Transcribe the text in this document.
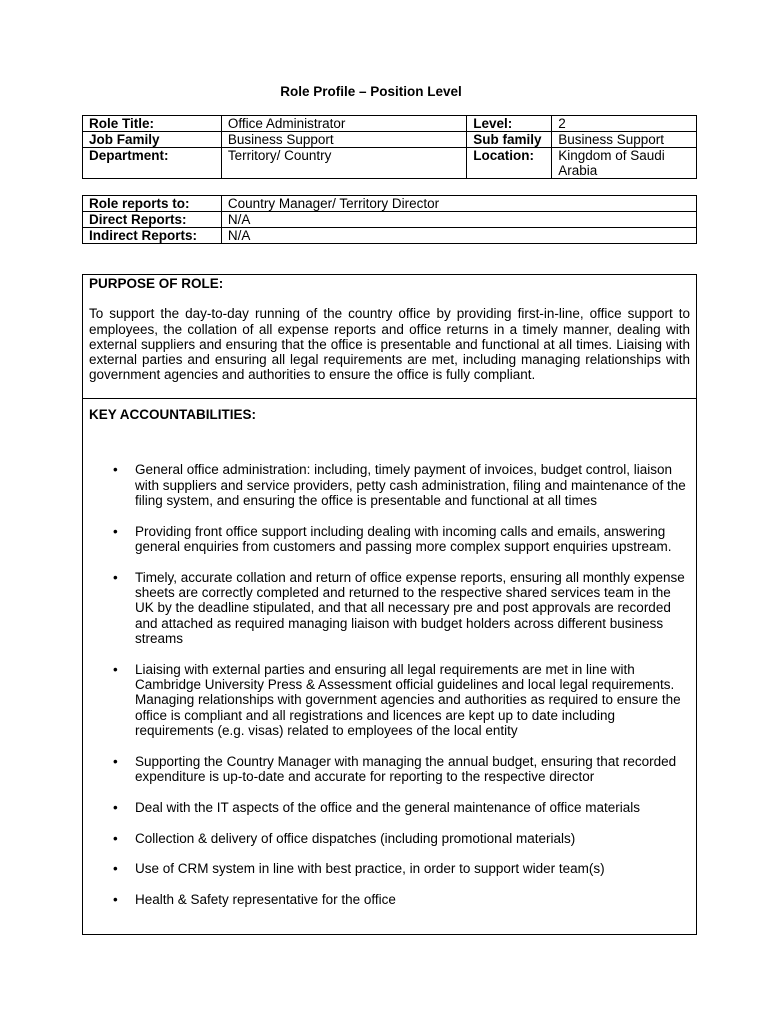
Role Profile – Position Level
Role Title:	Office Administrator	Level:	2
Job Family	Business Support	Sub family	Business Support
Department:	Territory/ Country	Location:	Kingdom of Saudi Arabia
Role reports to:	Country Manager/ Territory Director
Direct Reports:	N/A
Indirect Reports:	N/A

PURPOSE OF ROLE:

To support the day-to-day running of the country office by providing first-in-line, office support to employees, the collation of all expense reports and office returns in a timely manner, dealing with external suppliers and ensuring that the office is presentable and functional at all times. Liaising with external parties and ensuring all legal requirements are met, including managing relationships with government agencies and authorities to ensure the office is fully compliant.

KEY ACCOUNTABILITIES:

• General office administration: including, timely payment of invoices, budget control, liaison with suppliers and service providers, petty cash administration, filing and maintenance of the filing system, and ensuring the office is presentable and functional at all times
• Providing front office support including dealing with incoming calls and emails, answering general enquiries from customers and passing more complex support enquiries upstream.
• Timely, accurate collation and return of office expense reports, ensuring all monthly expense sheets are correctly completed and returned to the respective shared services team in the UK by the deadline stipulated, and that all necessary pre and post approvals are recorded and attached as required managing liaison with budget holders across different business streams
• Liaising with external parties and ensuring all legal requirements are met in line with Cambridge University Press & Assessment official guidelines and local legal requirements. Managing relationships with government agencies and authorities as required to ensure the office is compliant and all registrations and licences are kept up to date including requirements (e.g. visas) related to employees of the local entity
• Supporting the Country Manager with managing the annual budget, ensuring that recorded expenditure is up-to-date and accurate for reporting to the respective director
• Deal with the IT aspects of the office and the general maintenance of office materials
• Collection & delivery of office dispatches (including promotional materials)
• Use of CRM system in line with best practice, in order to support wider team(s)
• Health & Safety representative for the office
